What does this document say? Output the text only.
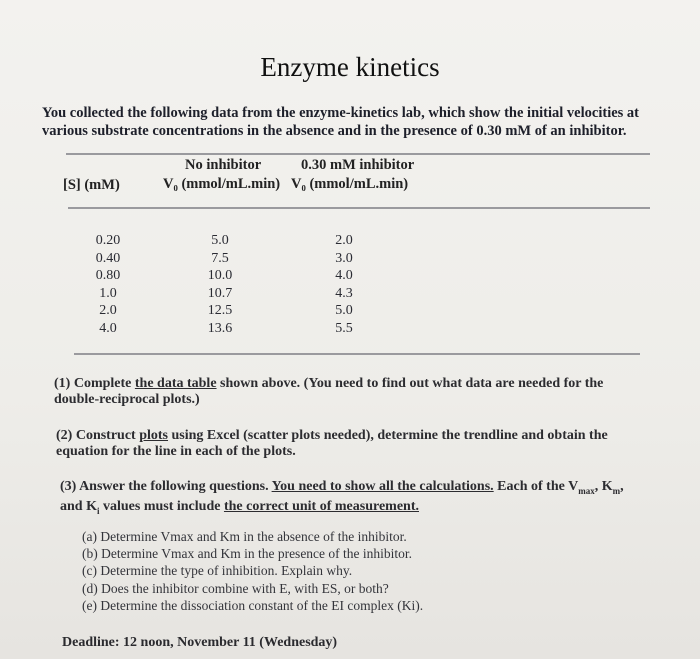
Enzyme kinetics
You collected the following data from the enzyme-kinetics lab, which show the initial velocities at various substrate concentrations in the absence and in the presence of 0.30 mM of an inhibitor.
No inhibitor	0.30 mM inhibitor
[S] (mM)	V₀ (mmol/mL.min) V₀ (mmol/mL.min)
0.20
0.40
0.80
1.0
2.0
4.0
5.0
7.5
10.0
10.7
12.5
13.6
2.0
3.0
4.0
4.3
5.0
5.5
(1) Complete the data table shown above. (You need to find out what data are needed for the double-reciprocal plots.)
(2) Construct plots using Excel (scatter plots needed), determine the trendline and obtain the equation for the line in each of the plots.
(3) Answer the following questions. You need to show all the calculations. Each of the $V_{max}$, $K_m$, and $K_i$ values must include the correct unit of measurement.
(a) Determine Vmax and Km in the absence of the inhibitor.
(b) Determine Vmax and Km in the presence of the inhibitor.
(c) Determine the type of inhibition. Explain why.
(d) Does the inhibitor combine with E, with ES, or both?
(e) Determine the dissociation constant of the EI complex (Ki).
Deadline: 12 noon, November 11 (Wednesday)
